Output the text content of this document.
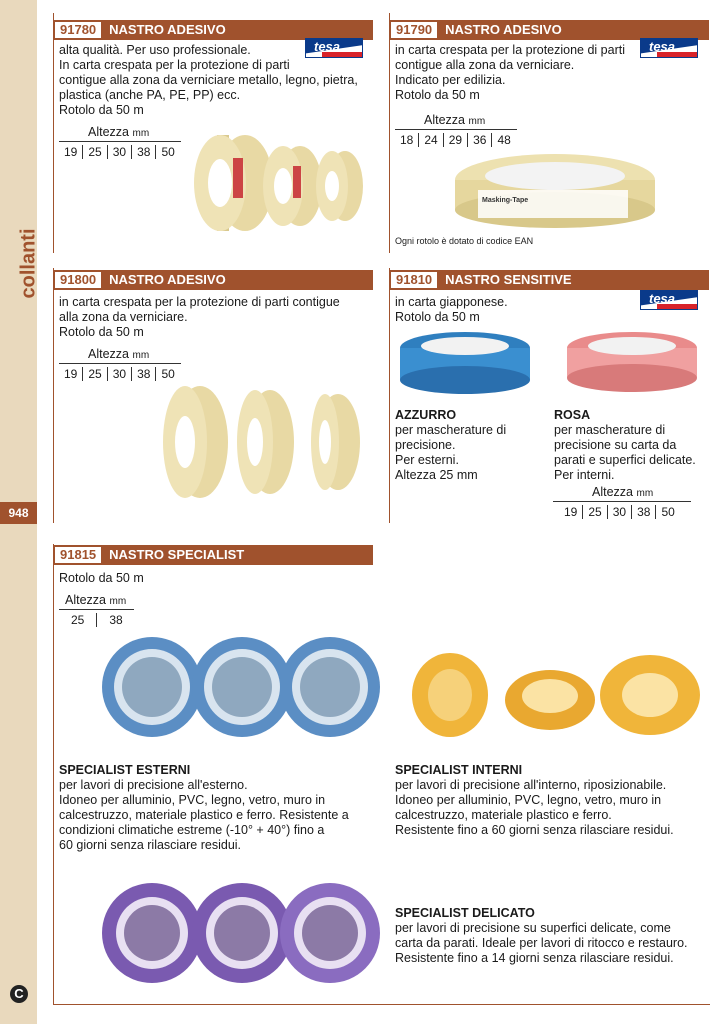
collanti
948
C
91780	NASTRO ADESIVO
tesa
alta qualità. Per uso professionale.
In carta crespata per la protezione di parti
contigue alla zona da verniciare metallo, legno, pietra,
plastica (anche PA, PE, PP) ecc.
Rotolo da 50 m
Altezza mm
19 25 30 38 50
91790	NASTRO ADESIVO
tesa
in carta crespata per la protezione di parti
contigue alla zona da verniciare.
Indicato per edilizia.
Rotolo da 50 m
Altezza mm
18 24 29 36 48
Masking-Tape
Ogni rotolo è dotato di codice EAN
91800	NASTRO ADESIVO
in carta crespata per la protezione di parti contigue
alla zona da verniciare.
Rotolo da 50 m
Altezza mm
19 25 30 38 50
91810	NASTRO SENSITIVE
tesa
in carta giapponese.
Rotolo da 50 m
AZZURRO
per mascherature di
precisione.
Per esterni.
Altezza 25 mm
ROSA
per mascherature di
precisione su carta da
parati e superfici delicate.
Per interni.
Altezza mm
19 25 30 38 50
91815	NASTRO SPECIALIST
Rotolo da 50 m
Altezza mm
25	38
SPECIALIST ESTERNI
per lavori di precisione all'esterno.
Idoneo per alluminio, PVC, legno, vetro, muro in
calcestruzzo, materiale plastico e ferro. Resistente a
condizioni climatiche estreme (-10° + 40°) fino a
60 giorni senza rilasciare residui.
SPECIALIST INTERNI
per lavori di precisione all'interno, riposizionabile.
Idoneo per alluminio, PVC, legno, vetro, muro in
calcestruzzo, materiale plastico e ferro.
Resistente fino a 60 giorni senza rilasciare residui.
SPECIALIST DELICATO
per lavori di precisione su superfici delicate, come
carta da parati. Ideale per lavori di ritocco e restauro.
Resistente fino a 14 giorni senza rilasciare residui.
